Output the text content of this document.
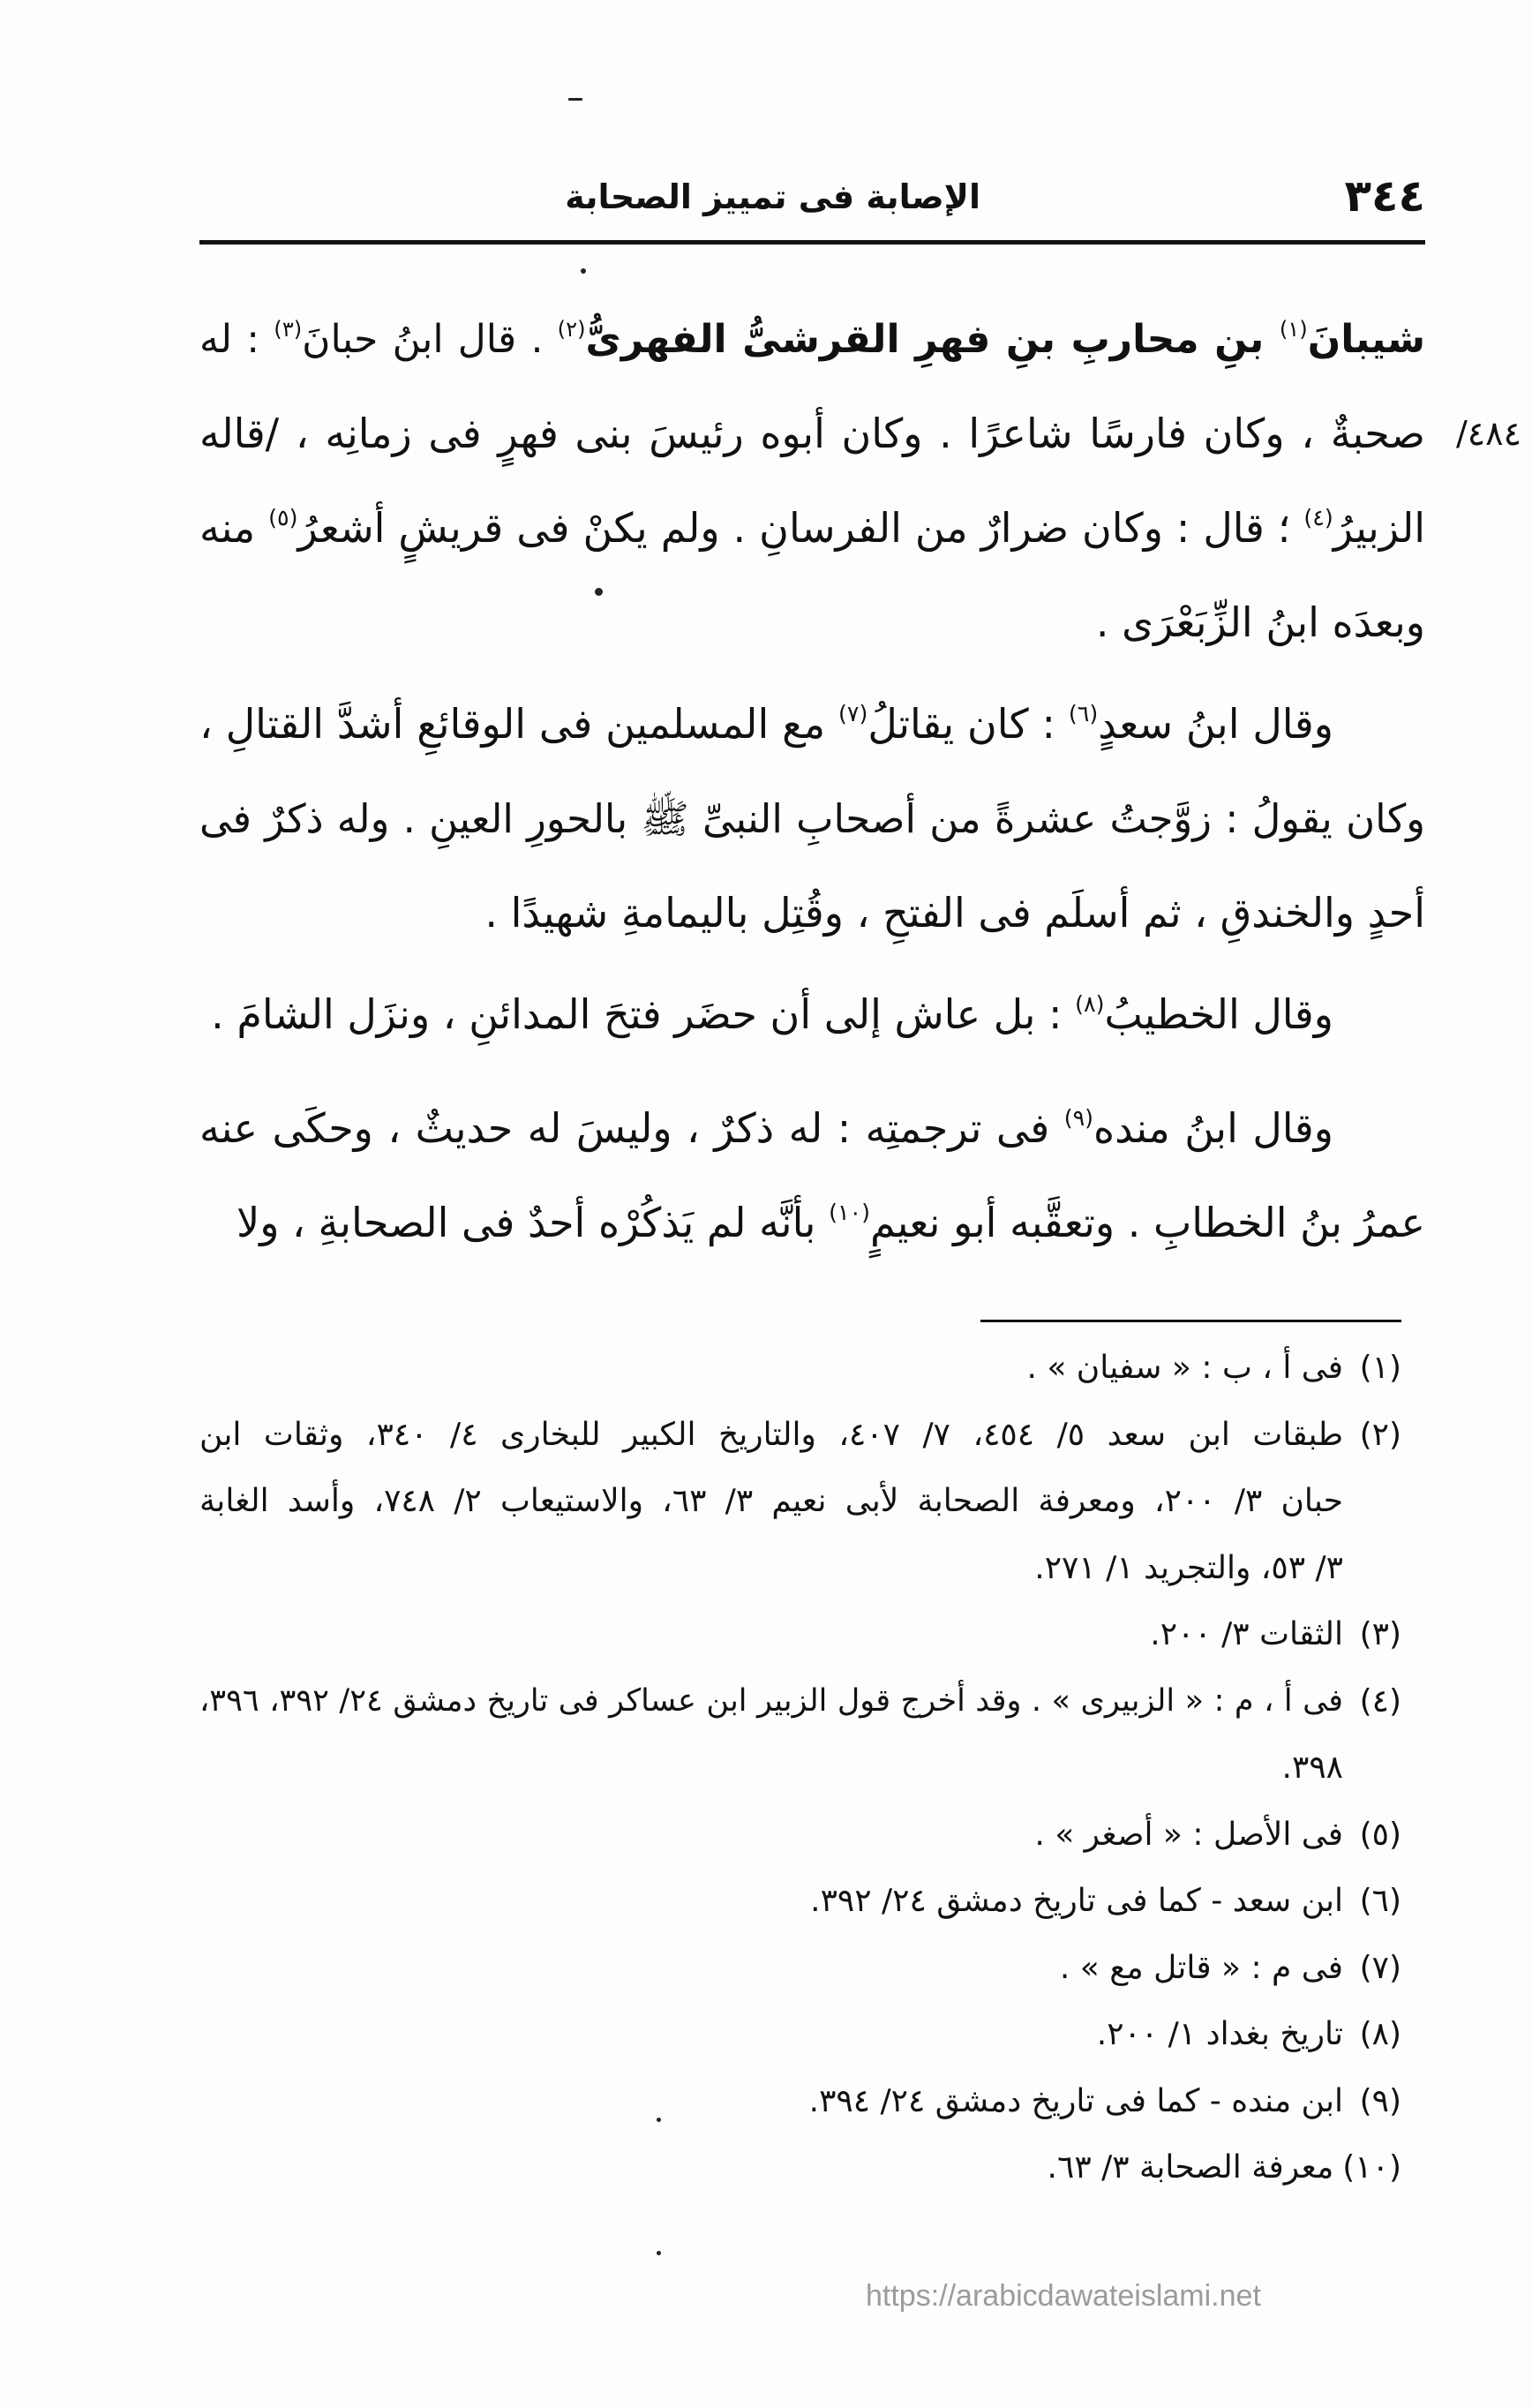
٣٤٤
الإصابة فى تمييز الصحابة
٤٨٤/
شيبانَ$^{(١)}$ بنِ محاربِ بنِ فهرِ القرشىُّ الفهرىُّ$^{(٢)}$ . قال ابنُ حبانَ$^{(٣)}$ : له
صحبةٌ ، وكان فارسًا شاعرًا . وكان أبوه رئيسَ بنى فهرٍ فى زمانِه ، /قاله
الزبيرُ$^{(٤)}$ ؛ قال : وكان ضرارٌ من الفرسانِ . ولم يكنْ فى قريشٍ أشعرُ$^{(٥)}$ منه
وبعدَه ابنُ الزِّبَعْرَى .
وقال ابنُ سعدٍ$^{(٦)}$ : كان يقاتلُ$^{(٧)}$ مع المسلمين فى الوقائعِ أشدَّ القتالِ ،
وكان يقولُ : زوَّجتُ عشرةً من أصحابِ النبىِّ ﷺ بالحورِ العينِ . وله ذكرٌ فى
أحدٍ والخندقِ ، ثم أسلَم فى الفتحِ ، وقُتِل باليمامةِ شهيدًا .
وقال الخطيبُ$^{(٨)}$ : بل عاش إلى أن حضَر فتحَ المدائنِ ، ونزَل الشامَ .
وقال ابنُ منده$^{(٩)}$ فى ترجمتِه : له ذكرٌ ، وليسَ له حديثٌ ، وحكَى عنه
عمرُ بنُ الخطابِ . وتعقَّبه أبو نعيمٍ$^{(١٠)}$ بأنَّه لم يَذكُرْه أحدٌ فى الصحابةِ ، ولا
(١)
فى أ ، ب : « سفيان » .
(٢)
طبقات ابن سعد ٥/ ٤٥٤، ٧/ ٤٠٧، والتاريخ الكبير للبخارى ٤/ ٣٤٠، وثقات ابن
حبان ٣/ ٢٠٠، ومعرفة الصحابة لأبى نعيم ٣/ ٦٣، والاستيعاب ٢/ ٧٤٨، وأسد الغابة
٣/ ٥٣، والتجريد ١/ ٢٧١.
(٣)
الثقات ٣/ ٢٠٠.
(٤)
فى أ ، م : « الزبيرى » . وقد أخرج قول الزبير ابن عساكر فى تاريخ دمشق ٢٤/ ٣٩٢، ٣٩٦،
٣٩٨.
(٥)
فى الأصل : « أصغر » .
(٦)
ابن سعد - كما فى تاريخ دمشق ٢٤/ ٣٩٢.
(٧)
فى م : « قاتل مع » .
(٨)
تاريخ بغداد ١/ ٢٠٠.
(٩)
ابن منده - كما فى تاريخ دمشق ٢٤/ ٣٩٤.
(١٠)
معرفة الصحابة ٣/ ٦٣.
https://arabicdawateislami.net
